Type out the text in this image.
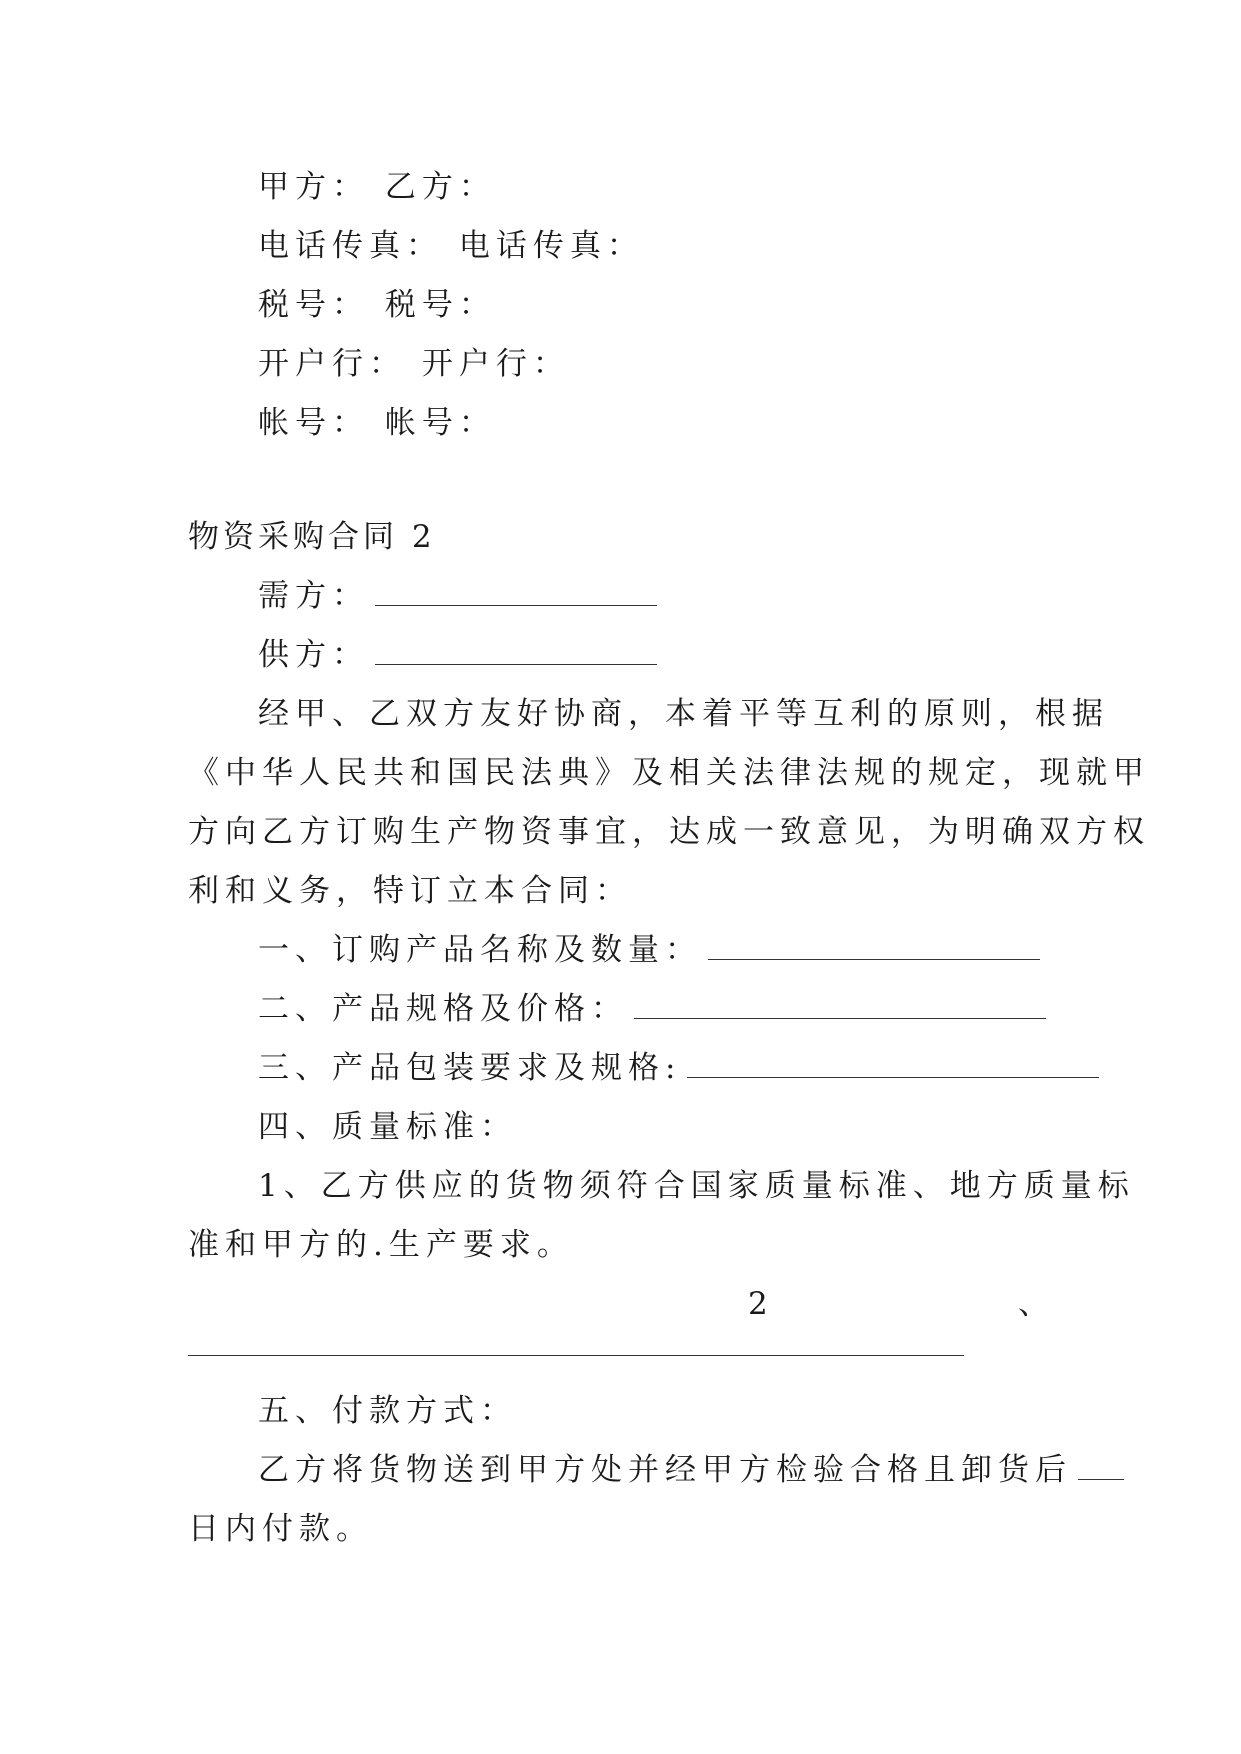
甲方： 乙方：
电话传真： 电话传真：
税号： 税号：
开户行： 开户行：
帐号： 帐号：
物资采购合同 2
需方：
供方：
经甲、乙双方友好协商，本着平等互利的原则，根据
《中华人民共和国民法典》及相关法律法规的规定，现就甲
方向乙方订购生产物资事宜，达成一致意见，为明确双方权
利和义务，特订立本合同：
一、订购产品名称及数量：
二、产品规格及价格：
三、产品包装要求及规格:
四、质量标准：
1、乙方供应的货物须符合国家质量标准、地方质量标
准和甲方的.生产要求。
2	、
五、付款方式：
乙方将货物送到甲方处并经甲方检验合格且卸货后
日内付款。
